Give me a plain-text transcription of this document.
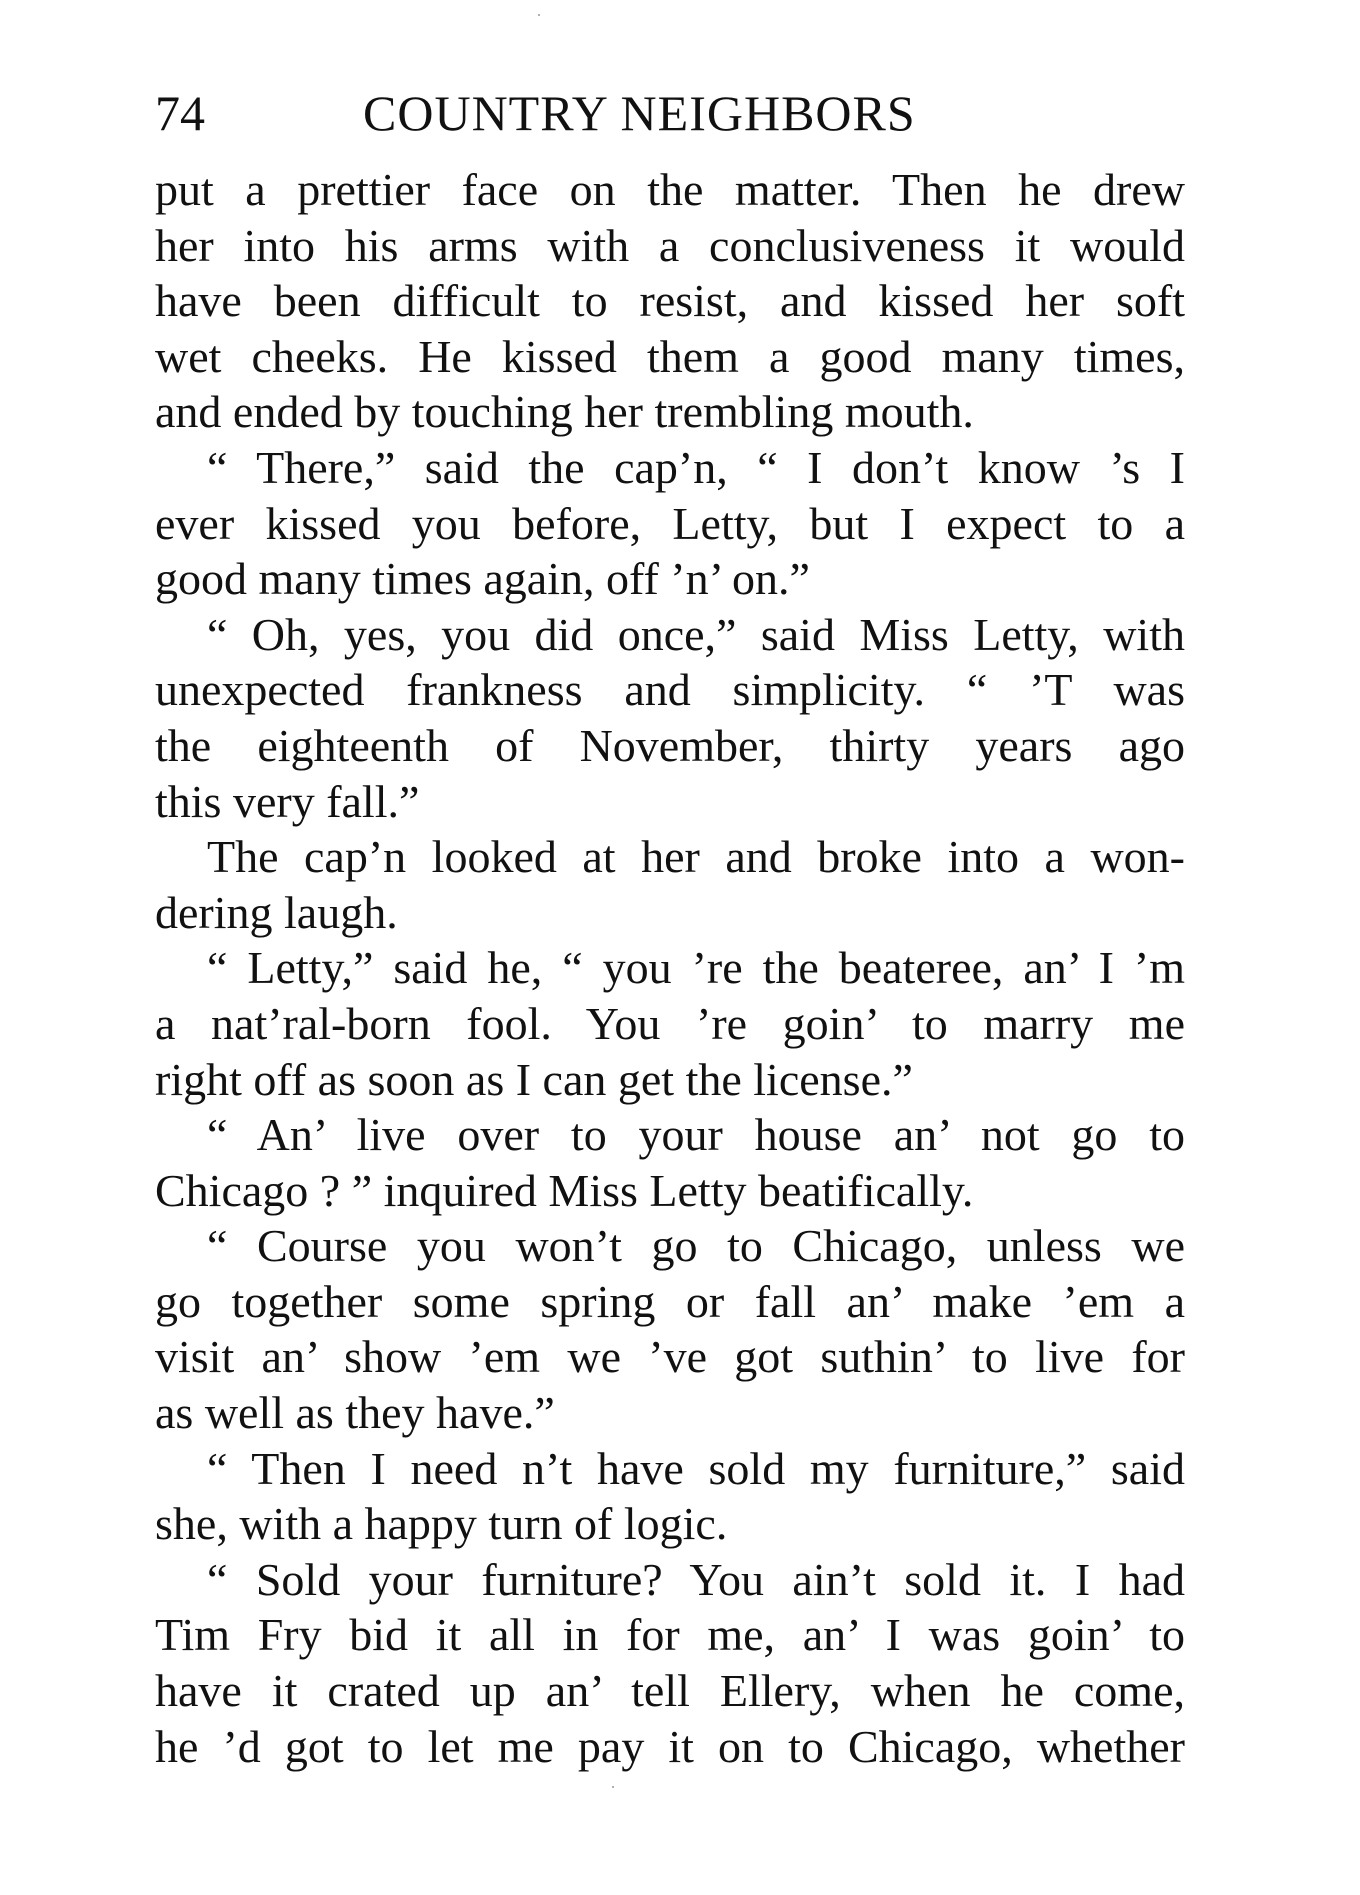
74	COUNTRY NEIGHBORS
put a prettier face on the matter. Then he drew
her into his arms with a conclusiveness it would
have been difficult to resist, and kissed her soft
wet cheeks. He kissed them a good many times,
and ended by touching her trembling mouth.
“ There,” said the cap’n, “ I don’t know ’s I
ever kissed you before, Letty, but I expect to a
good many times again, off ’n’ on.”
“ Oh, yes, you did once,” said Miss Letty, with
unexpected frankness and simplicity. “ ’T was
the eighteenth of November, thirty years ago
this very fall.”
The cap’n looked at her and broke into a won-
dering laugh.
“ Letty,” said he, “ you ’re the beateree, an’ I ’m
a nat’ral-born fool. You ’re goin’ to marry me
right off as soon as I can get the license.”
“ An’ live over to your house an’ not go to
Chicago ? ” inquired Miss Letty beatifically.
“ Course you won’t go to Chicago, unless we
go together some spring or fall an’ make ’em a
visit an’ show ’em we ’ve got suthin’ to live for
as well as they have.”
“ Then I need n’t have sold my furniture,” said
she, with a happy turn of logic.
“ Sold your furniture? You ain’t sold it. I had
Tim Fry bid it all in for me, an’ I was goin’ to
have it crated up an’ tell Ellery, when he come,
he ’d got to let me pay it on to Chicago, whether
